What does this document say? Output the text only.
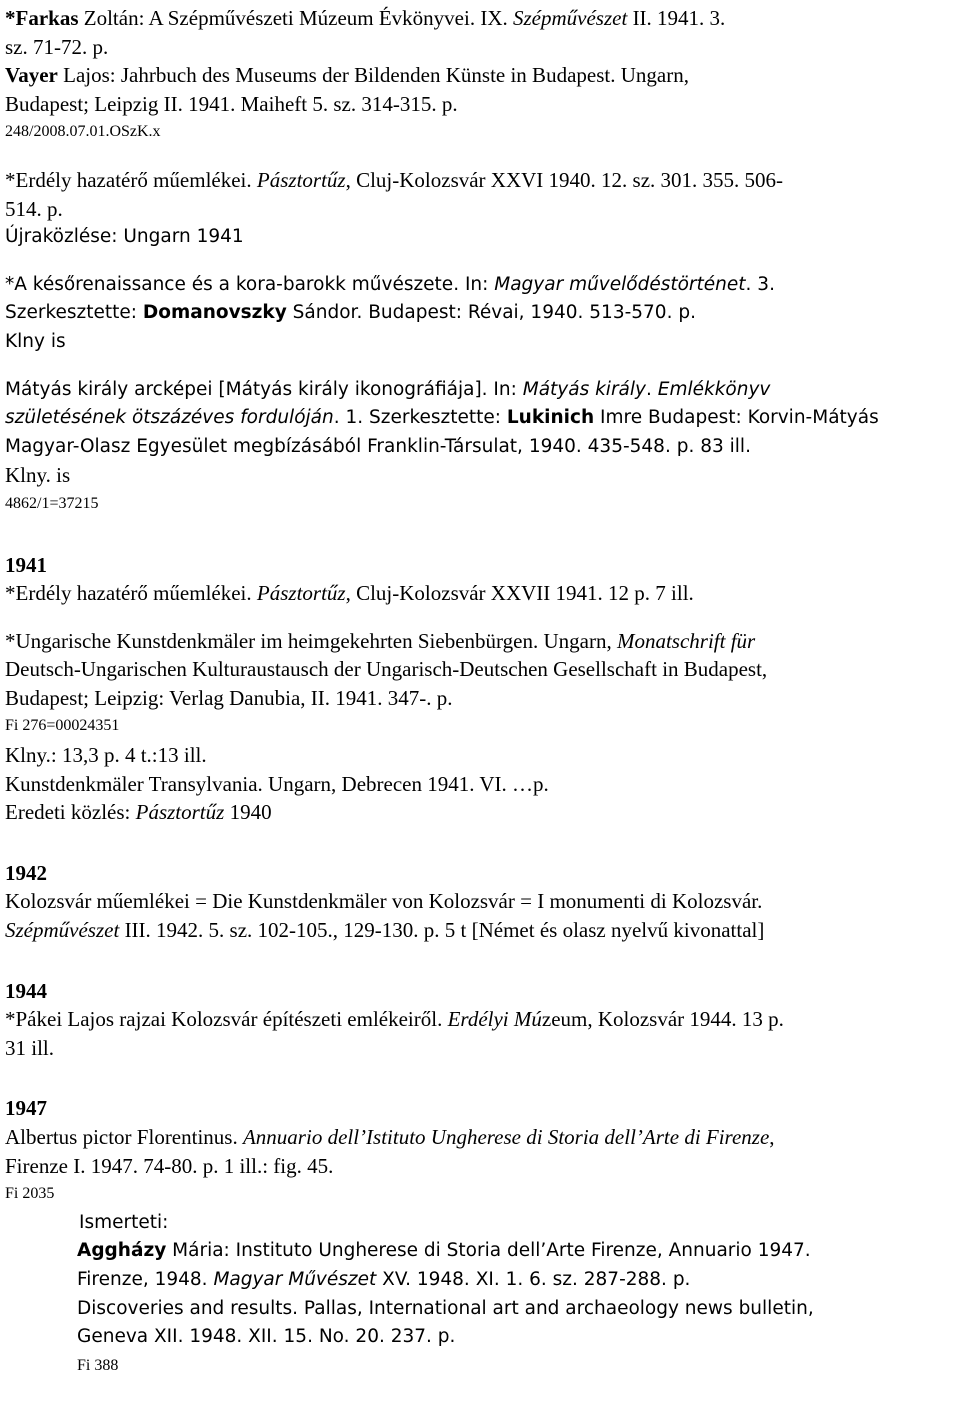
*Farkas Zoltán: A Szépművészeti Múzeum Évkönyvei. IX. Szépművészet II. 1941. 3.
sz. 71-72. p.
Vayer Lajos: Jahrbuch des Museums der Bildenden Künste in Budapest. Ungarn,
Budapest; Leipzig II. 1941. Maiheft 5. sz. 314-315. p.
248/2008.07.01.OSzK.x
*Erdély hazatérő műemlékei. Pásztortűz, Cluj-Kolozsvár XXVI 1940. 12. sz. 301. 355. 506-
514. p.
Újraközlése: Ungarn 1941
*A későrenaissance és a kora-barokk művészete. In: Magyar művelődéstörténet. 3.
Szerkesztette: Domanovszky Sándor. Budapest: Révai, 1940. 513-570. p.
Klny is
Mátyás király arcképei [Mátyás király ikonográfiája]. In: Mátyás király. Emlékkönyv
születésének ötszázéves fordulóján. 1. Szerkesztette: Lukinich Imre Budapest: Korvin-Mátyás
Magyar-Olasz Egyesület megbízásából Franklin-Társulat, 1940. 435-548. p. 83 ill.
Klny. is
4862/1=37215
1941
*Erdély hazatérő műemlékei. Pásztortűz, Cluj-Kolozsvár XXVII 1941. 12 p. 7 ill.
*Ungarische Kunstdenkmäler im heimgekehrten Siebenbürgen. Ungarn, Monatschrift für
Deutsch-Ungarischen Kulturaustausch der Ungarisch-Deutschen Gesellschaft in Budapest,
Budapest; Leipzig: Verlag Danubia, II. 1941. 347-. p.
Fi 276=00024351
Klny.: 13,3 p. 4 t.:13 ill.
Kunstdenkmäler Transylvania. Ungarn, Debrecen 1941. VI. …p.
Eredeti közlés: Pásztortűz 1940
1942
Kolozsvár műemlékei = Die Kunstdenkmäler von Kolozsvár = I monumenti di Kolozsvár.
Szépművészet III. 1942. 5. sz. 102-105., 129-130. p. 5 t [Német és olasz nyelvű kivonattal]
1944
*Pákei Lajos rajzai Kolozsvár építészeti emlékeiről. Erdélyi Múzeum, Kolozsvár 1944. 13 p.
31 ill.
1947
Albertus pictor Florentinus. Annuario dell’Istituto Ungherese di Storia dell’Arte di Firenze,
Firenze I. 1947. 74-80. p. 1 ill.: fig. 45.
Fi 2035
Ismerteti:
Aggházy Mária: Instituto Ungherese di Storia dell’Arte Firenze, Annuario 1947.
Firenze, 1948. Magyar Művészet XV. 1948. XI. 1. 6. sz. 287-288. p.
Discoveries and results. Pallas, International art and archaeology news bulletin,
Geneva XII. 1948. XII. 15. No. 20. 237. p.
Fi 388
